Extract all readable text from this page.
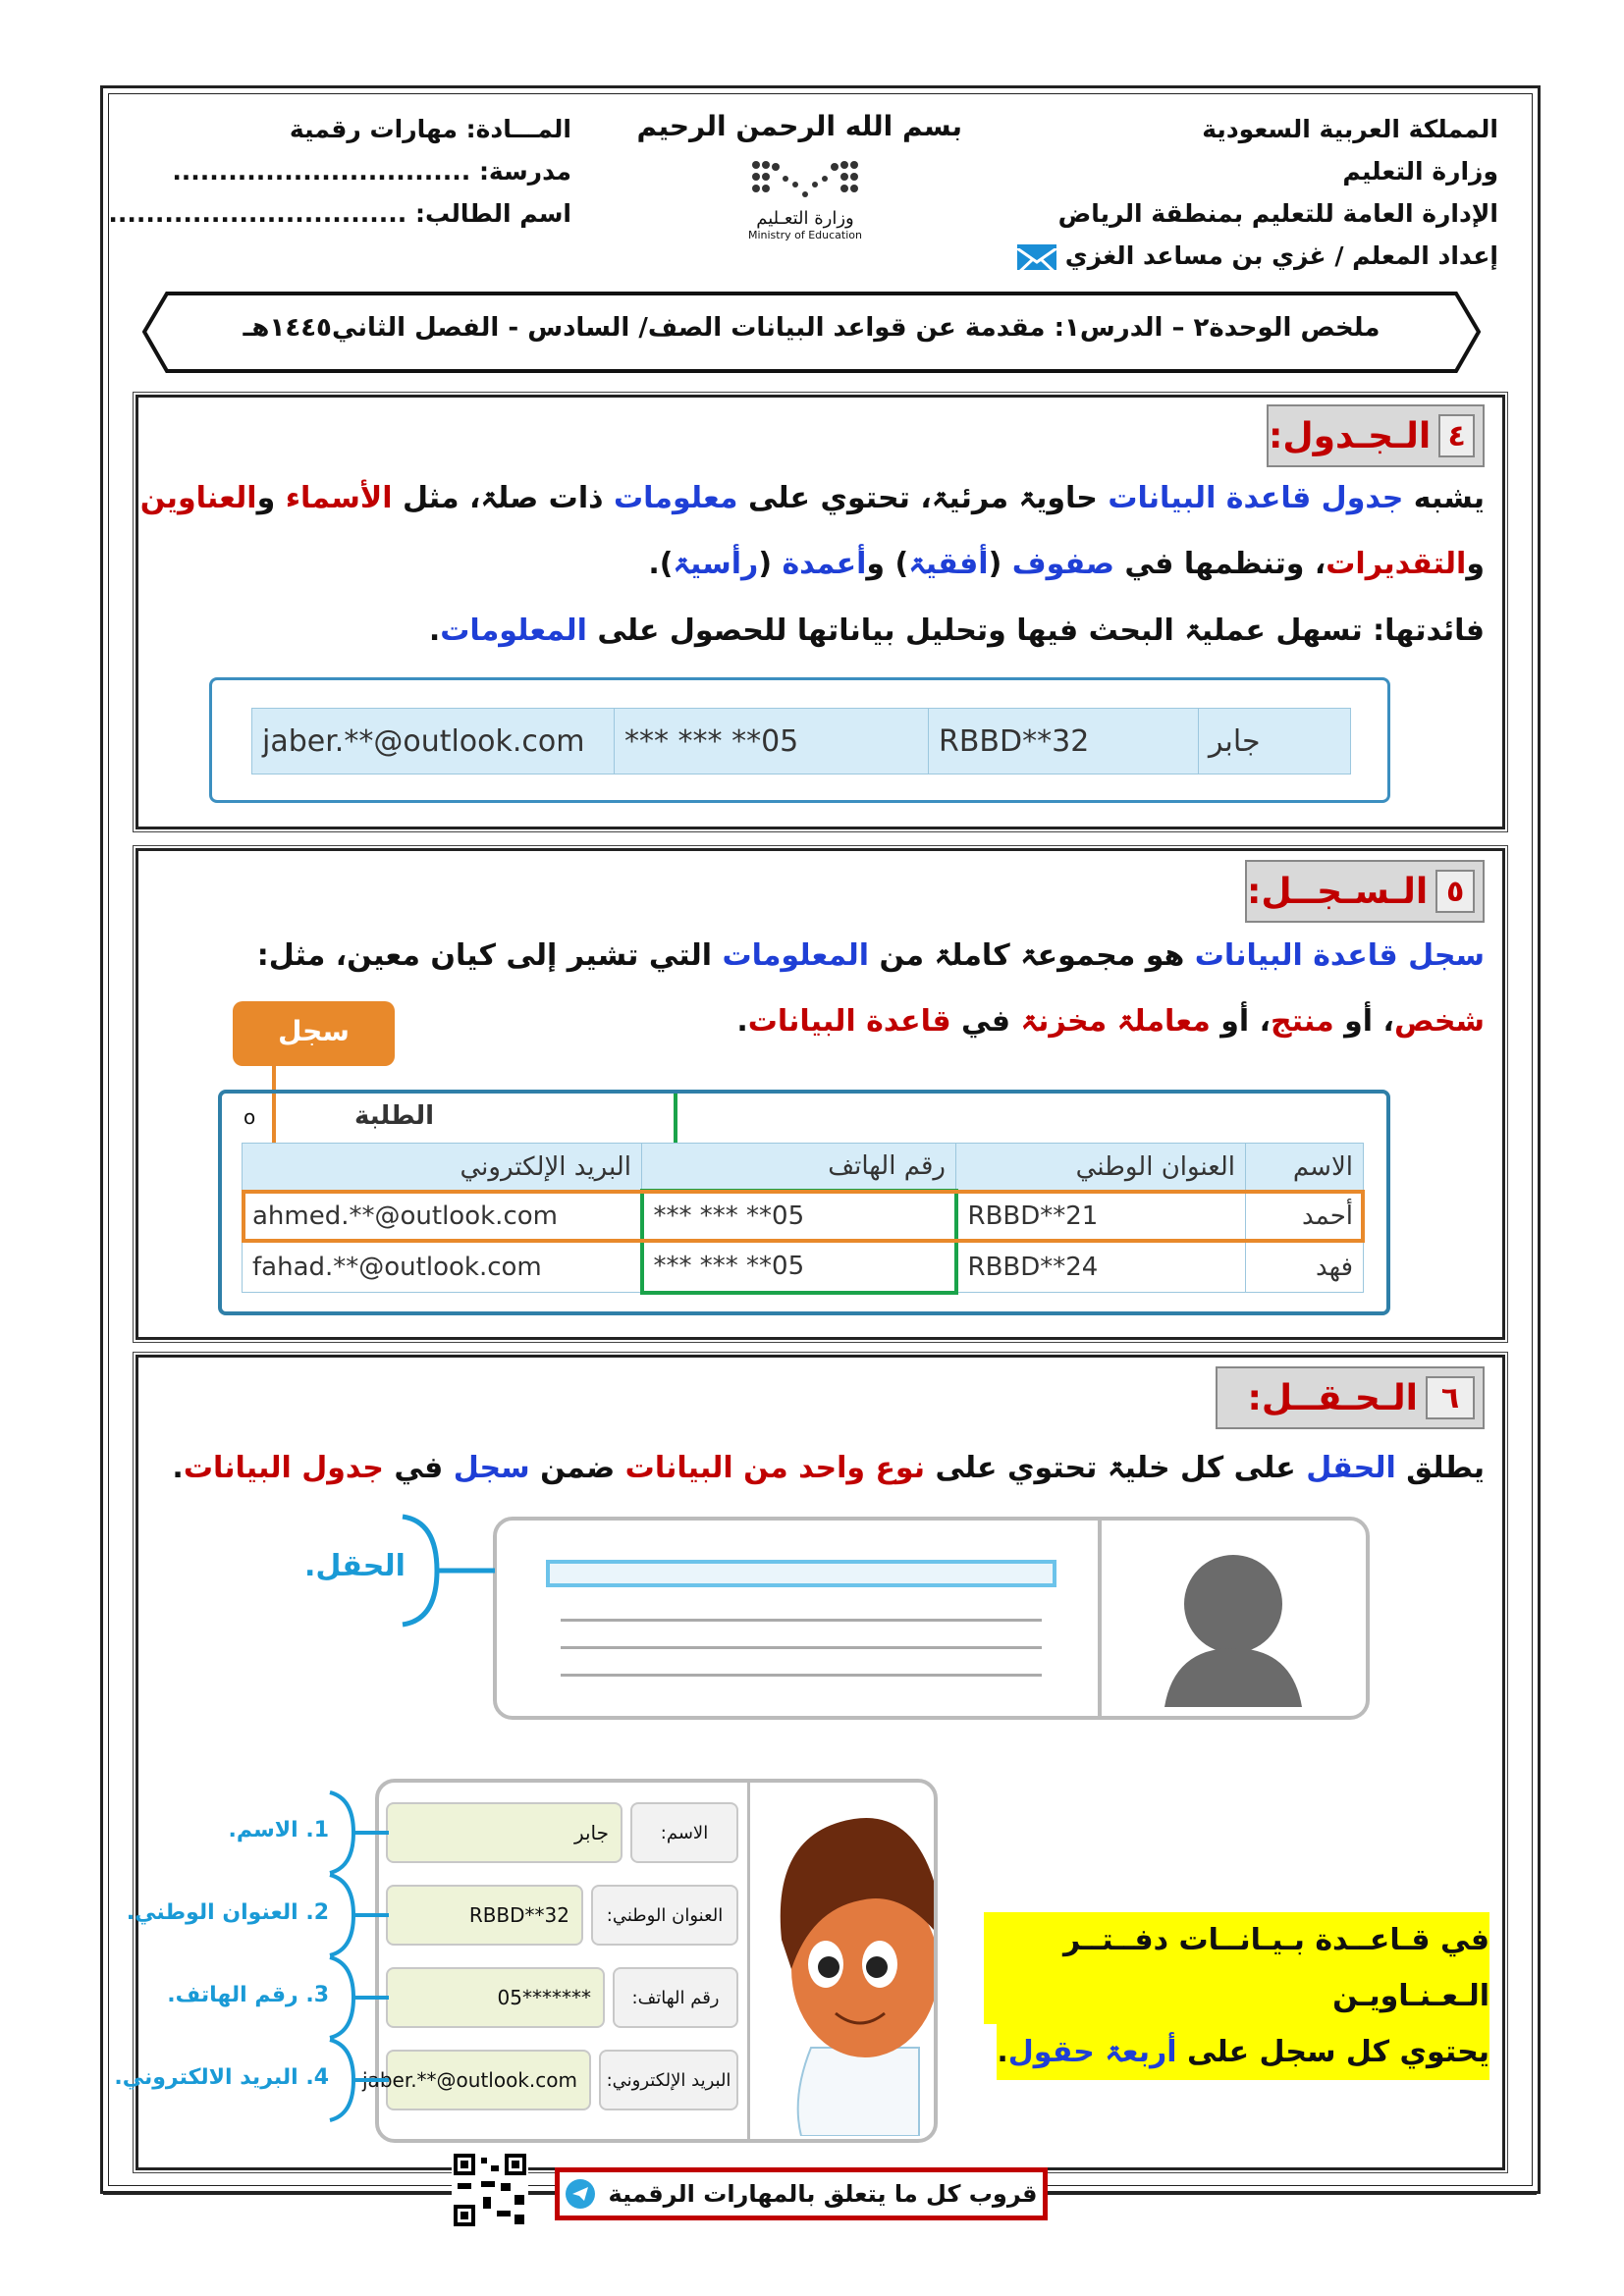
المملكة العربية السعودية
وزارة التعليم
الإدارة العامة للتعليم بمنطقة الرياض
إعداد المعلم / غزي بن مساعد الغزي
بسم الله الرحمن الرحيم
وزارة التعـليم
Ministry of Education
المـــادة: مهارات رقمية
مدرسة: ................................
اسم الطالب: ................................
ملخص الوحدة٢ – الدرس١: مقدمة عن قواعد البيانات الصف/ السادس - الفصل الثاني١٤٤٥هـ
٤
الـجـدول:
يشبه جدول قاعدة البيانات حاويۃ مرئيۃ، تحتوي على معلومات ذات صلۃ، مثل الأسماء والعناوين
والتقديرات، وتنظمها في صفوف (أفقيۃ) وأعمدة (رأسيۃ).
فائدتها: تسهل عمليۃ البحث فيها وتحليل بياناتها للحصول على المعلومات.
جابر	RBBD**32	05** *** ***	jaber.**@outlook.com
٥
الـسـجــل:
سجل قاعدة البيانات هو مجموعۃ كاملۃ من المعلومات التي تشير إلى كيان معين، مثل:
شخص، أو منتج، أو معاملۃ مخزنۃ في قاعدة البيانات.
سجل
الطلبة
o
الاسم	العنوان الوطني	رقم الهاتف	البريد الإلكتروني
أحمد	RBBD**21	05** *** ***	ahmed.**@outlook.com
فهد	RBBD**24	05** *** ***	fahad.**@outlook.com
٦
الـحـقــل:
يطلق الحقل على كل خليۃ تحتوي على نوع واحد من البيانات ضمن سجل في جدول البيانات.
الحقل.
الاسم:
جابر
1. الاسم.
العنوان الوطني:
RBBD**32
2. العنوان الوطني.
رقم الهاتف:
05*******
3. رقم الهاتف.
البريد الإلكتروني:
jaber.**@outlook.com
4. البريد الالكتروني.
في قـاعــدة بـيـانــات دفــتــر الـعـنـاويـن
يحتوي كل سجل على أربعۃ حقول.
قروب كل ما يتعلق بالمهارات الرقمية
